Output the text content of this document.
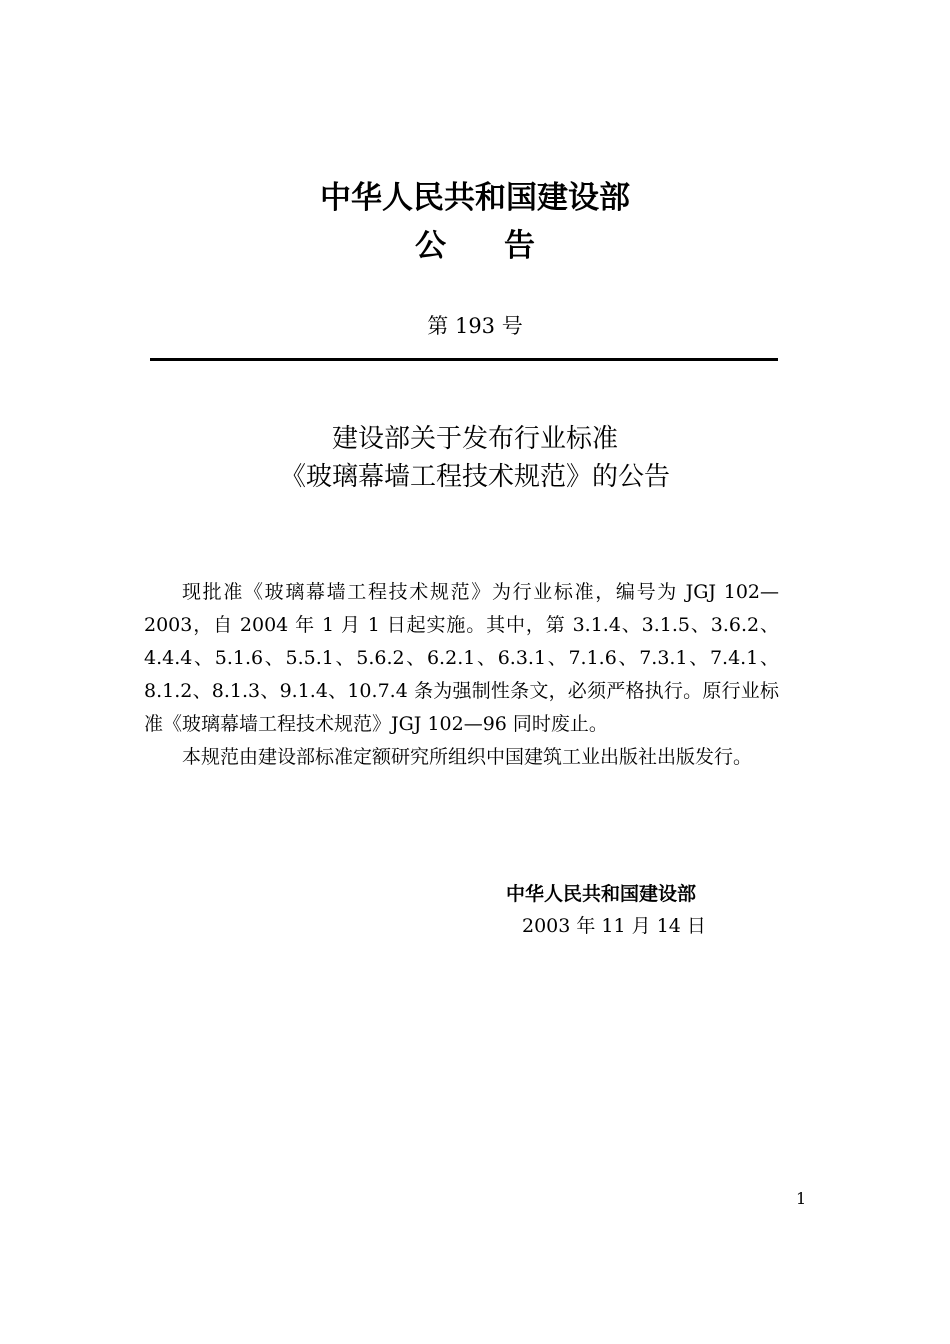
中华人民共和国建设部
公告
第 193 号
建设部关于发布行业标准
《玻璃幕墙工程技术规范》的公告

现批准《玻璃幕墙工程技术规范》为行业标准，编号为 JGJ 102—2003，自 2004 年 1 月 1 日起实施。其中，第 3.1.4、3.1.5、3.6.2、4.4.4、5.1.6、5.5.1、5.6.2、6.2.1、6.3.1、7.1.6、7.3.1、7.4.1、8.1.2、8.1.3、9.1.4、10.7.4 条为强制性条文，必须严格执行。原行业标准《玻璃幕墙工程技术规范》JGJ 102—96 同时废止。

本规范由建设部标准定额研究所组织中国建筑工业出版社出版发行。

中华人民共和国建设部
2003 年 11 月 14 日
1
